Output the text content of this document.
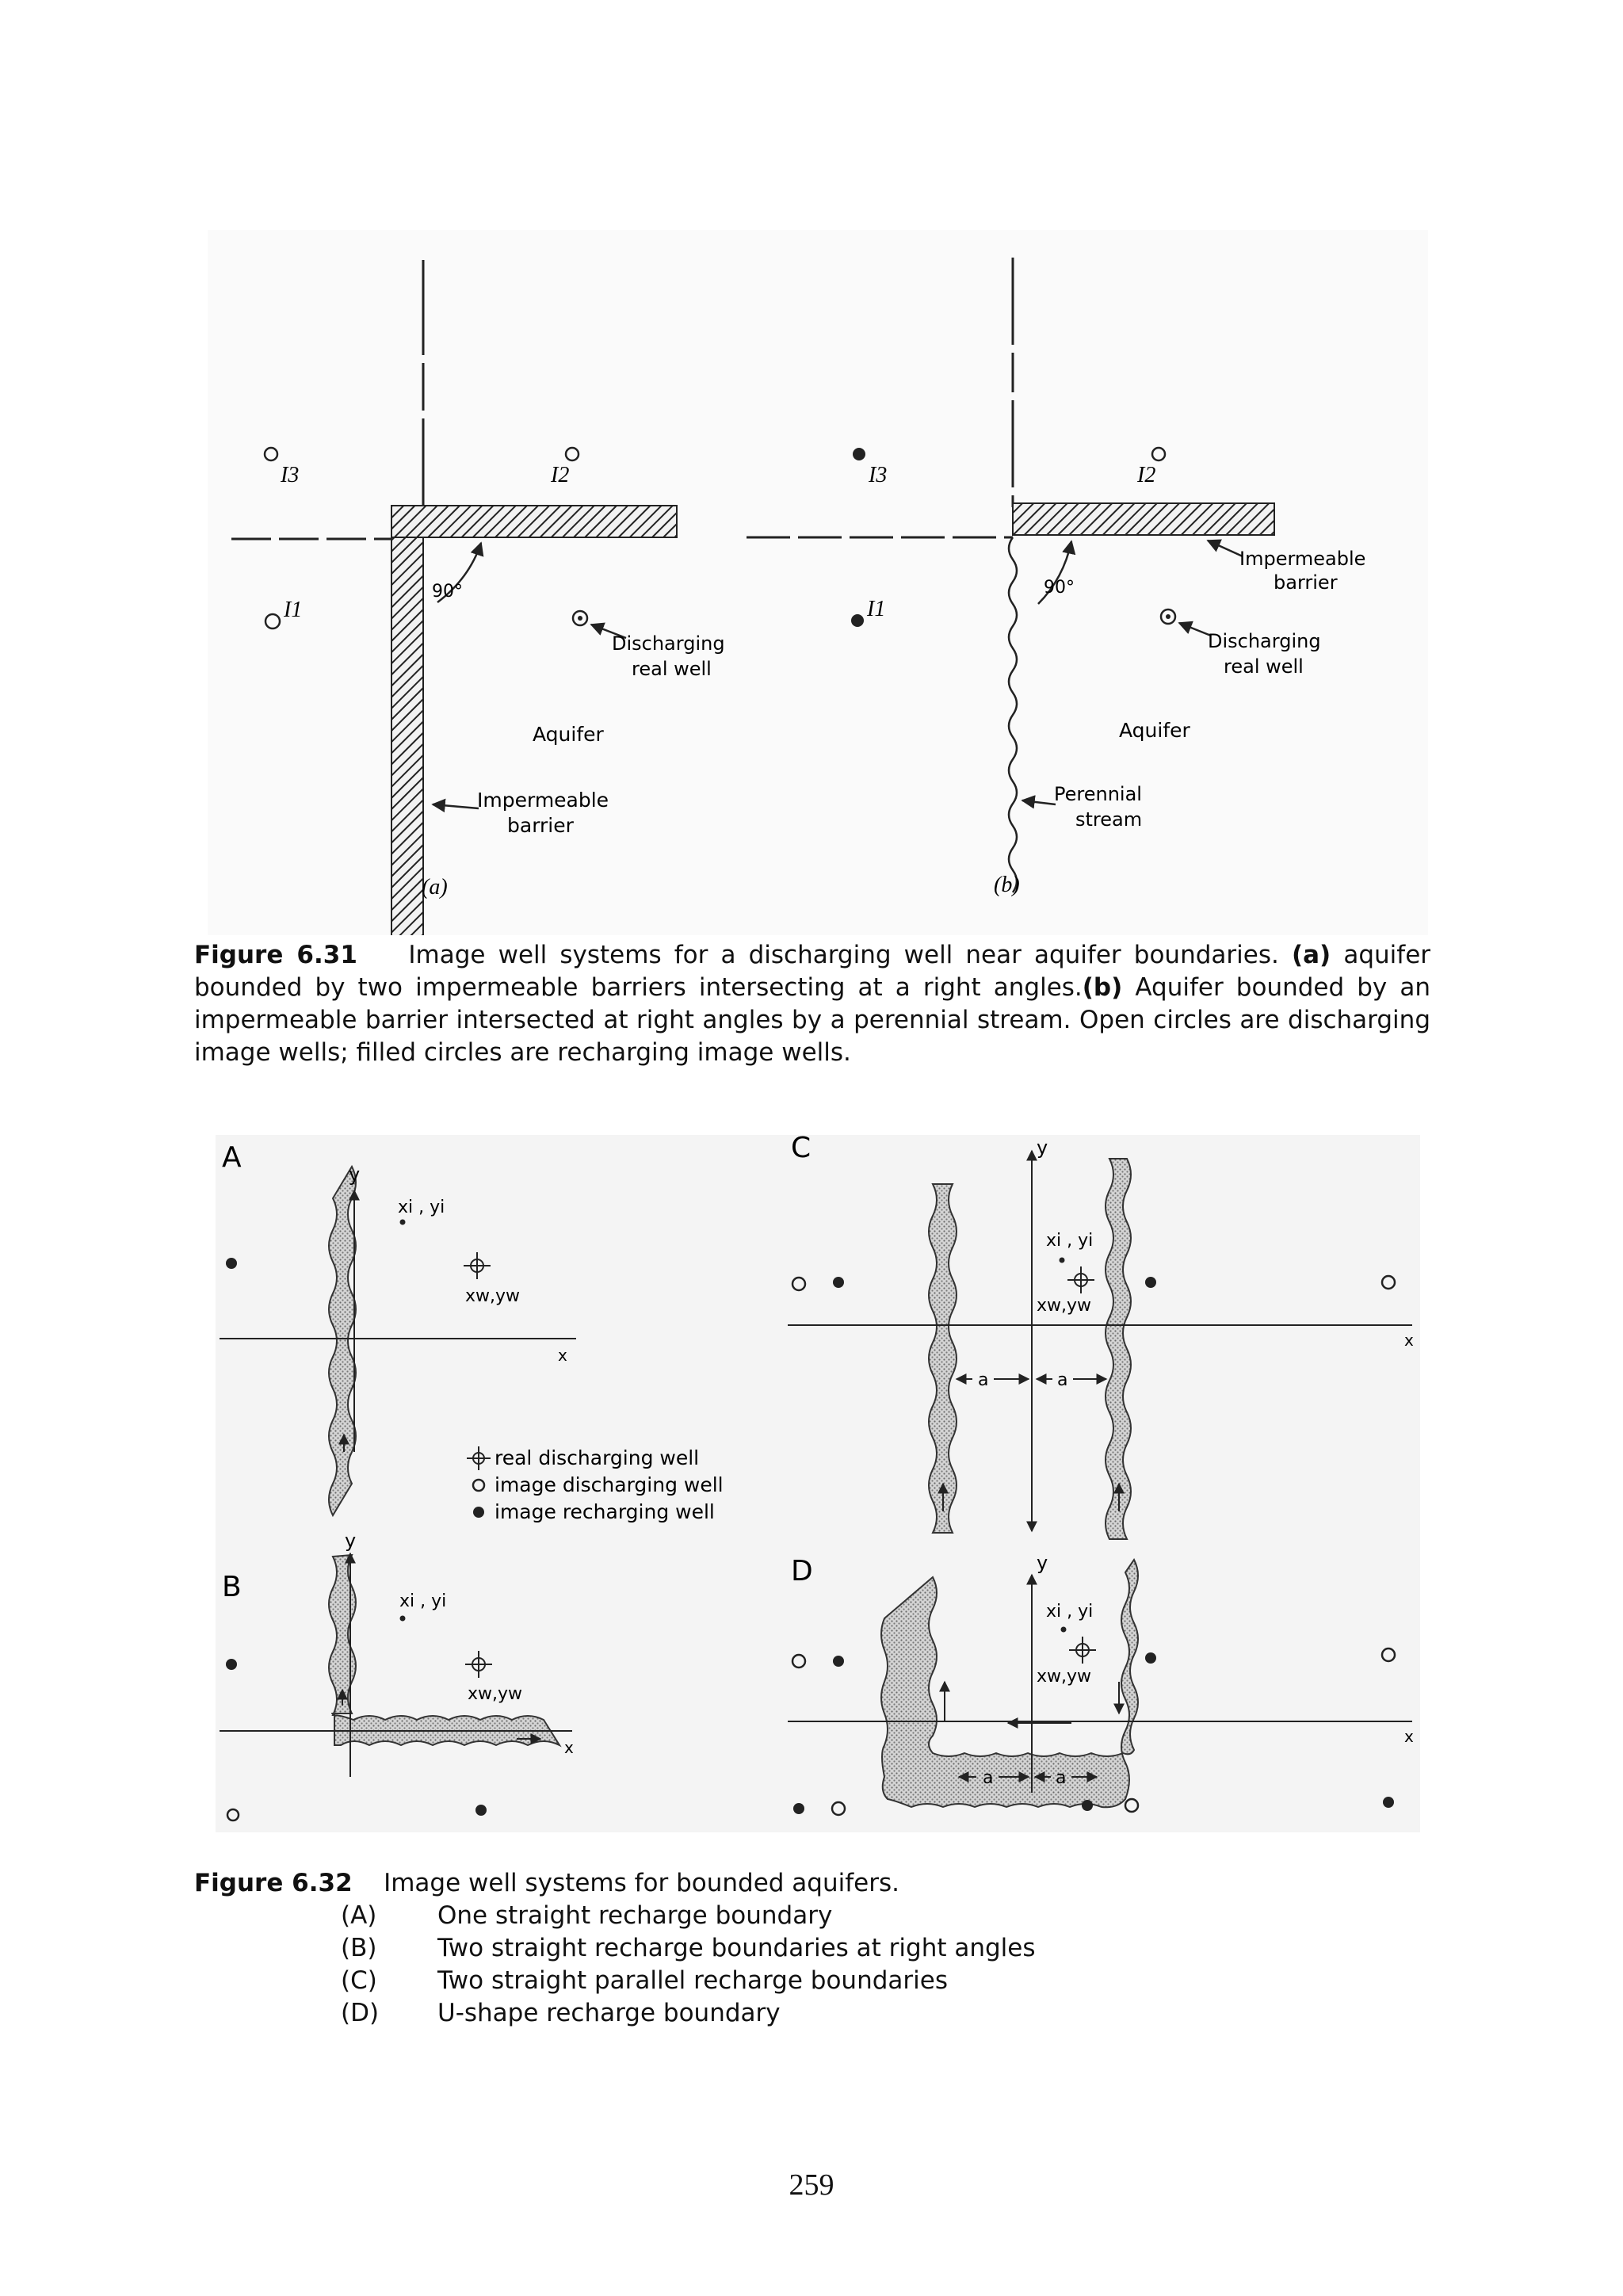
I3	I2
I1
Discharging
real well
90°
Aquifer
Impermeable
barrier
(a)
I3	I2
I1
90°
Impermeable
barrier
Discharging
real well
Aquifer
Perennial
stream
(b)
Figure 6.31 Image well systems for a discharging well near aquifer boundaries. (a) aquifer bounded by two impermeable barriers intersecting at a right angles.(b) Aquifer bounded by an impermeable barrier intersected at right angles by a perennial stream. Open circles are discharging image wells; filled circles are recharging image wells.
A
y
x
xi , yi
xw,yw
real discharging well
image discharging well
image recharging well
B
y
x
xi , yi
xw,yw
C	y
x
a	a
xi , yi
xw,yw
D	y
x
a	a
xi , yi
xw,yw
Figure 6.32 Image well systems for bounded aquifers.
(A) One straight recharge boundary
(B) Two straight recharge boundaries at right angles
(C) Two straight parallel recharge boundaries
(D) U-shape recharge boundary
259
